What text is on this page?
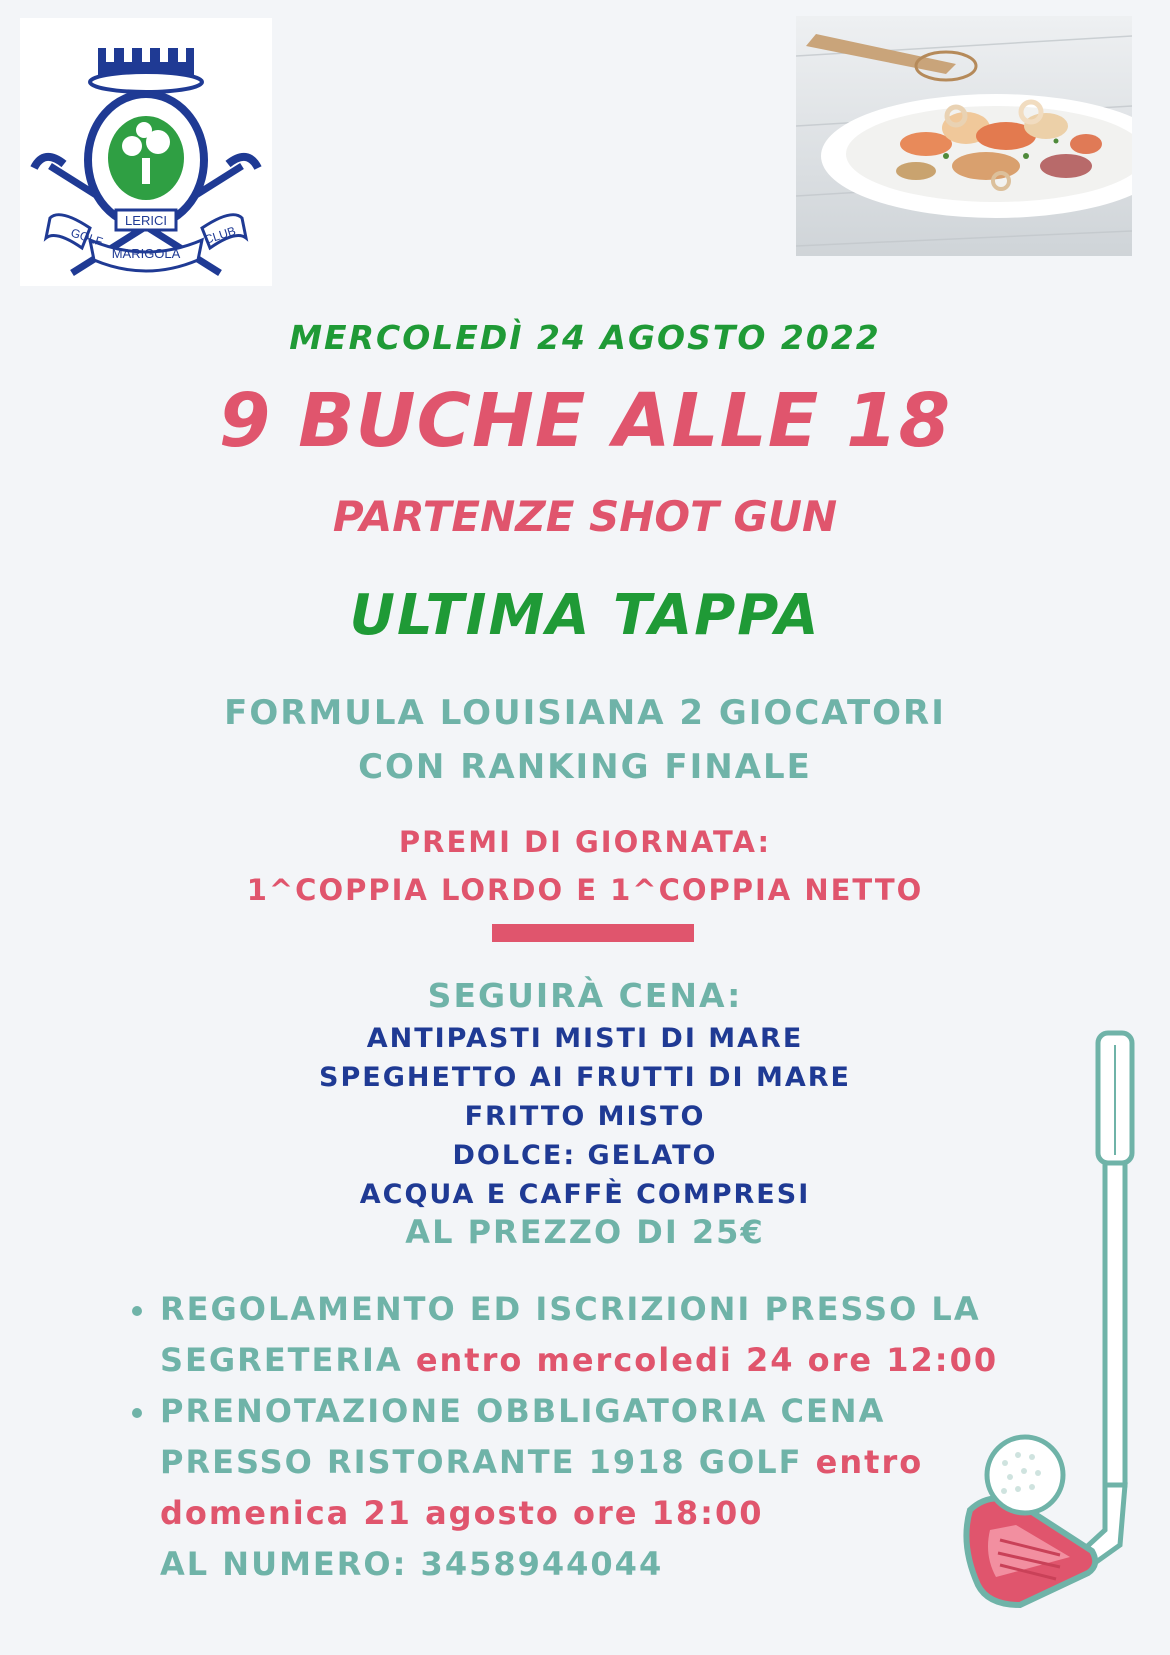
LERICI
GOLF
MARIGOLA
CLUB
MERCOLEDÌ 24 AGOSTO 2022
9 BUCHE ALLE 18
PARTENZE SHOT GUN
ULTIMA TAPPA
FORMULA LOUISIANA 2 GIOCATORI
CON RANKING FINALE
PREMI DI GIORNATA:
1^COPPIA LORDO E 1^COPPIA NETTO
SEGUIRÀ CENA:
ANTIPASTI MISTI DI MARE
SPEGHETTO AI FRUTTI DI MARE
FRITTO MISTO
DOLCE: GELATO
ACQUA E CAFFÈ COMPRESI
AL PREZZO DI 25€
REGOLAMENTO ED ISCRIZIONI PRESSO LA
SEGRETERIA entro mercoledi 24 ore 12:00
PRENOTAZIONE OBBLIGATORIA CENA
PRESSO RISTORANTE 1918 GOLF entro
domenica 21 agosto ore 18:00
AL NUMERO: 3458944044
